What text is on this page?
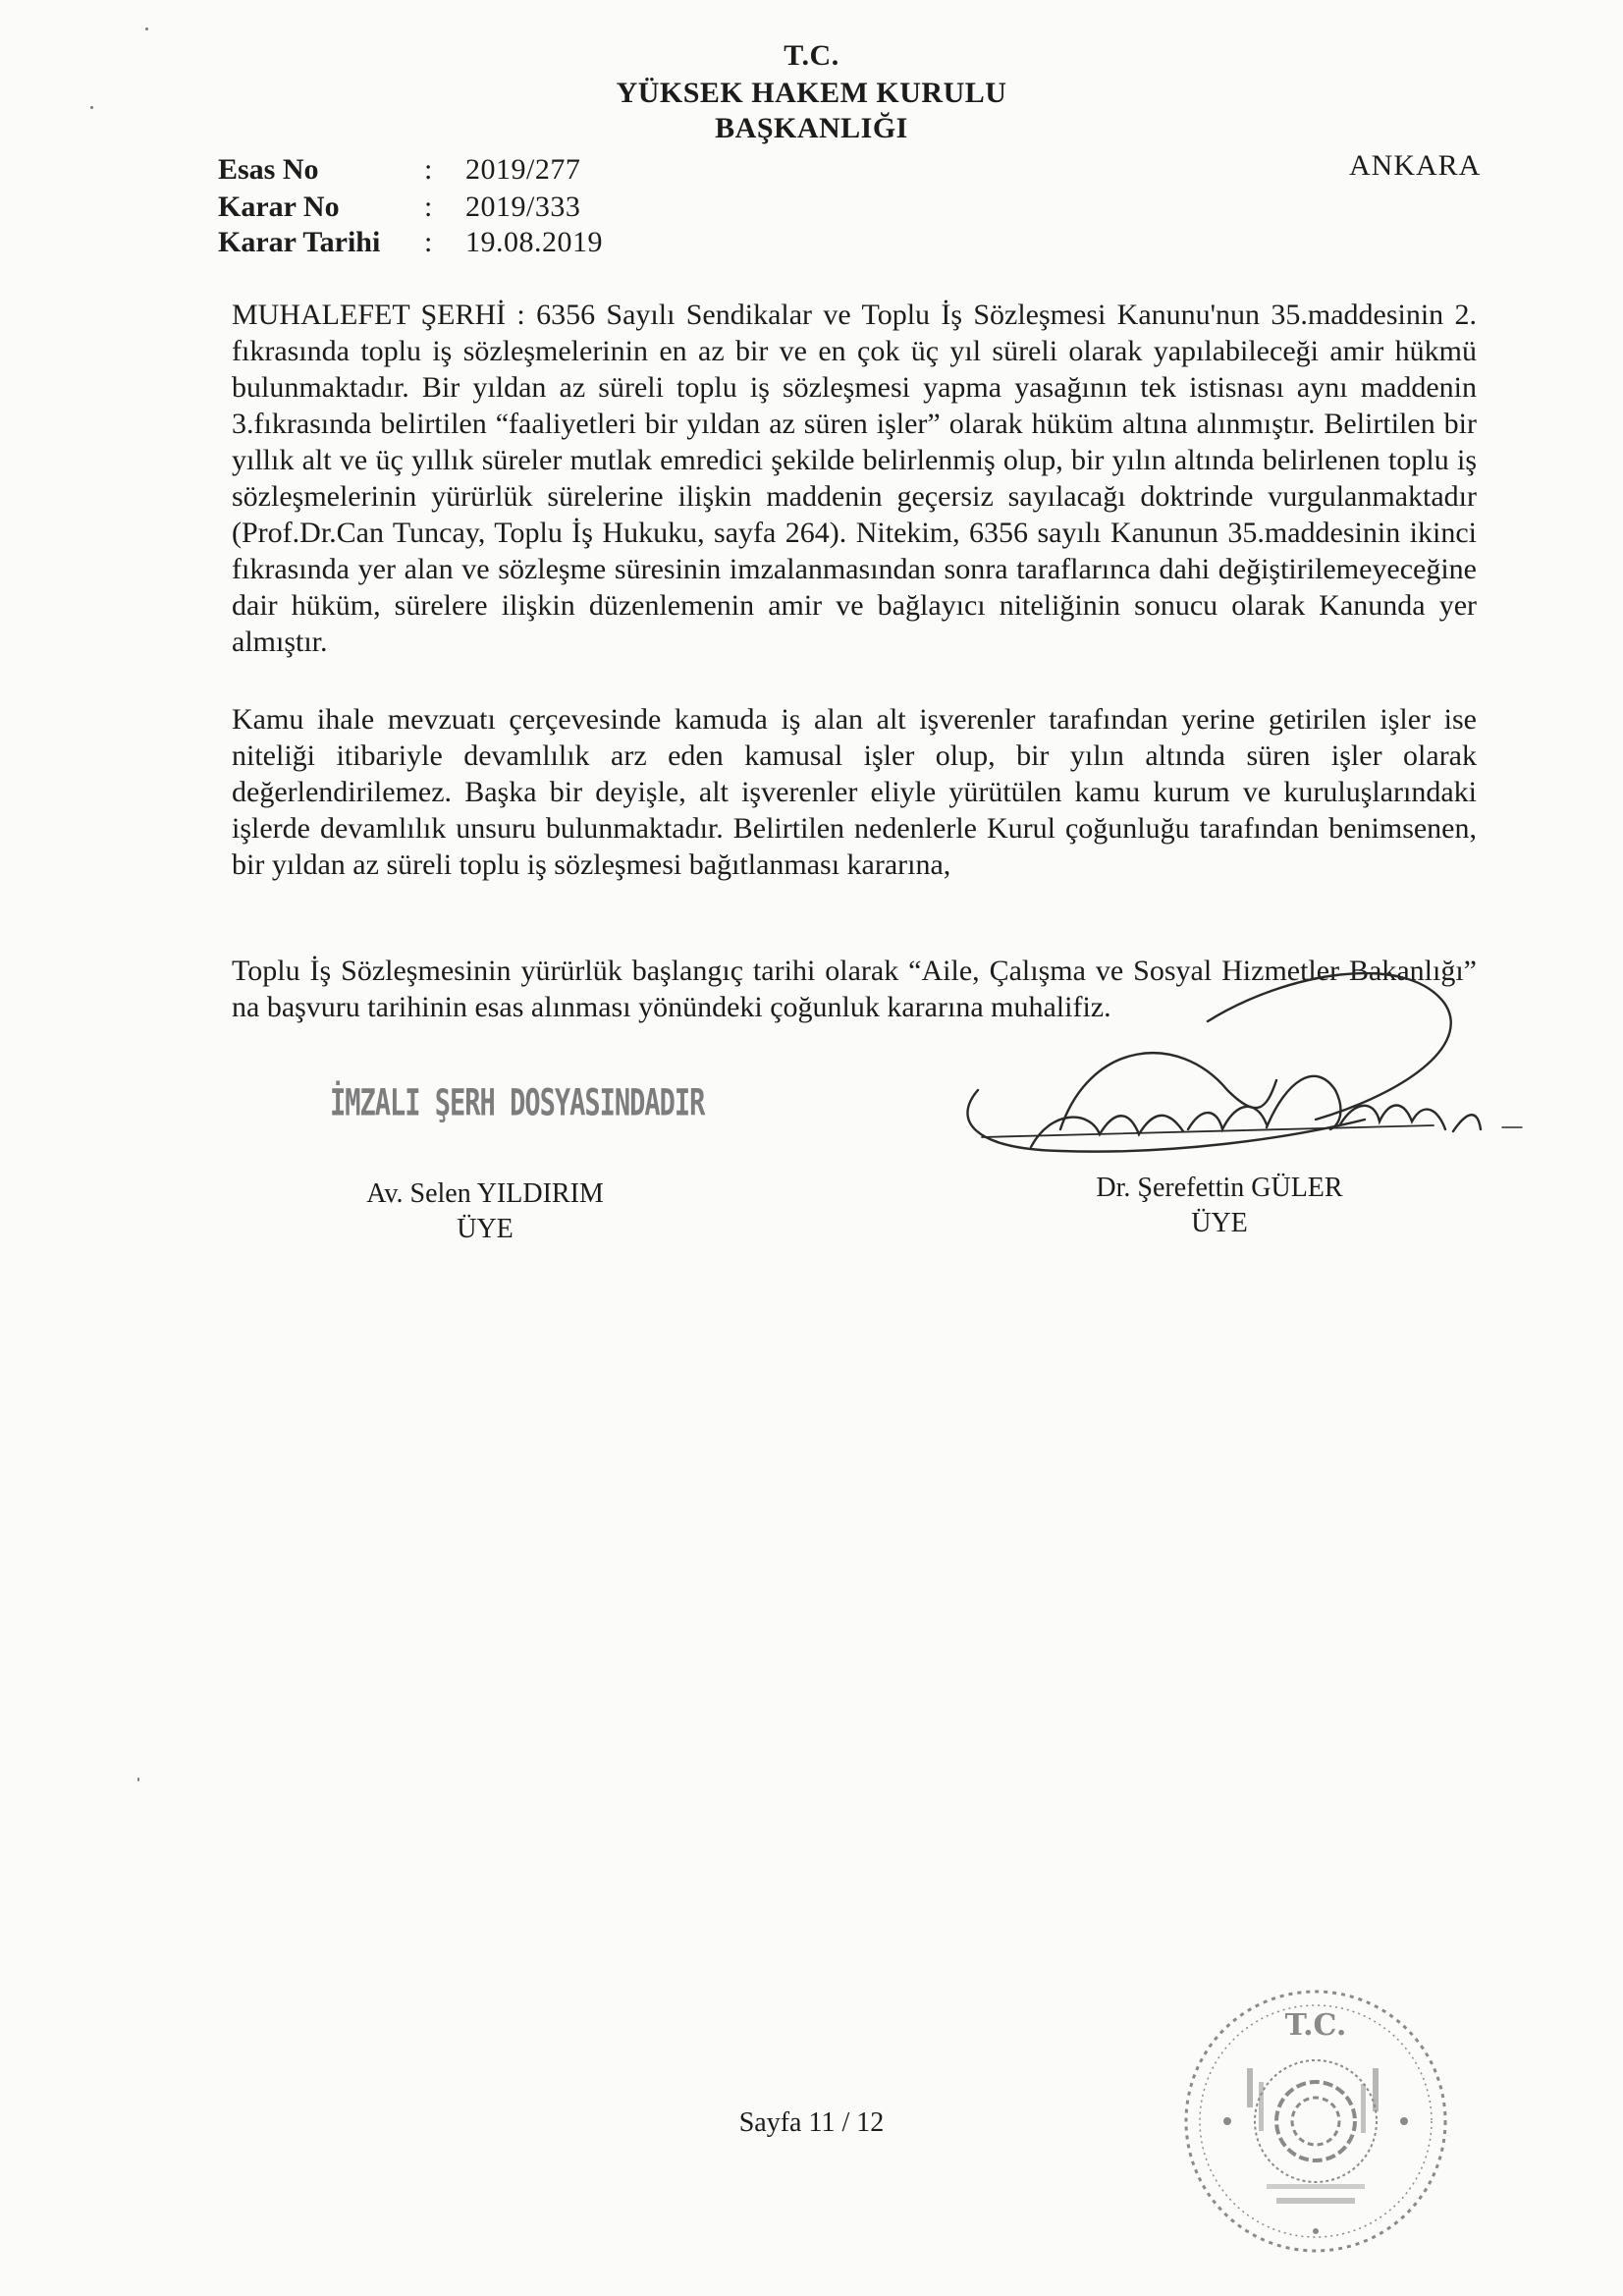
T.C.
YÜKSEK HAKEM KURULU
BAŞKANLIĞI
Esas No	: 2019/277
Karar No	: 2019/333
Karar Tarihi : 19.08.2019
ANKARA

MUHALEFET ŞERHİ : 6356 Sayılı Sendikalar ve Toplu İş Sözleşmesi Kanunu'nun 35.maddesinin 2. fıkrasında toplu iş sözleşmelerinin en az bir ve en çok üç yıl süreli olarak yapılabileceği amir hükmü bulunmaktadır. Bir yıldan az süreli toplu iş sözleşmesi yapma yasağının tek istisnası aynı maddenin 3.fıkrasında belirtilen “faaliyetleri bir yıldan az süren işler” olarak hüküm altına alınmıştır. Belirtilen bir yıllık alt ve üç yıllık süreler mutlak emredici şekilde belirlenmiş olup, bir yılın altında belirlenen toplu iş sözleşmelerinin yürürlük sürelerine ilişkin maddenin geçersiz sayılacağı doktrinde vurgulanmaktadır (Prof.Dr.Can Tuncay, Toplu İş Hukuku, sayfa 264). Nitekim, 6356 sayılı Kanunun 35.maddesinin ikinci fıkrasında yer alan ve sözleşme süresinin imzalanmasından sonra taraflarınca dahi değiştirilemeyeceğine dair hüküm, sürelere ilişkin düzenlemenin amir ve bağlayıcı niteliğinin sonucu olarak Kanunda yer almıştır.

Kamu ihale mevzuatı çerçevesinde kamuda iş alan alt işverenler tarafından yerine getirilen işler ise niteliği itibariyle devamlılık arz eden kamusal işler olup, bir yılın altında süren işler olarak değerlendirilemez. Başka bir deyişle, alt işverenler eliyle yürütülen kamu kurum ve kuruluşlarındaki işlerde devamlılık unsuru bulunmaktadır. Belirtilen nedenlerle Kurul çoğunluğu tarafından benimsenen, bir yıldan az süreli toplu iş sözleşmesi bağıtlanması kararına,

Toplu İş Sözleşmesinin yürürlük başlangıç tarihi olarak “Aile, Çalışma ve Sosyal Hizmetler Bakanlığı” na başvuru tarihinin esas alınması yönündeki çoğunluk kararına muhalifiz.

İMZALI ŞERH DOSYASINDADIR
Av. Selen YILDIRIM
ÜYE
Dr. Şerefettin GÜLER
ÜYE
Sayfa 11 / 12
T.C.
